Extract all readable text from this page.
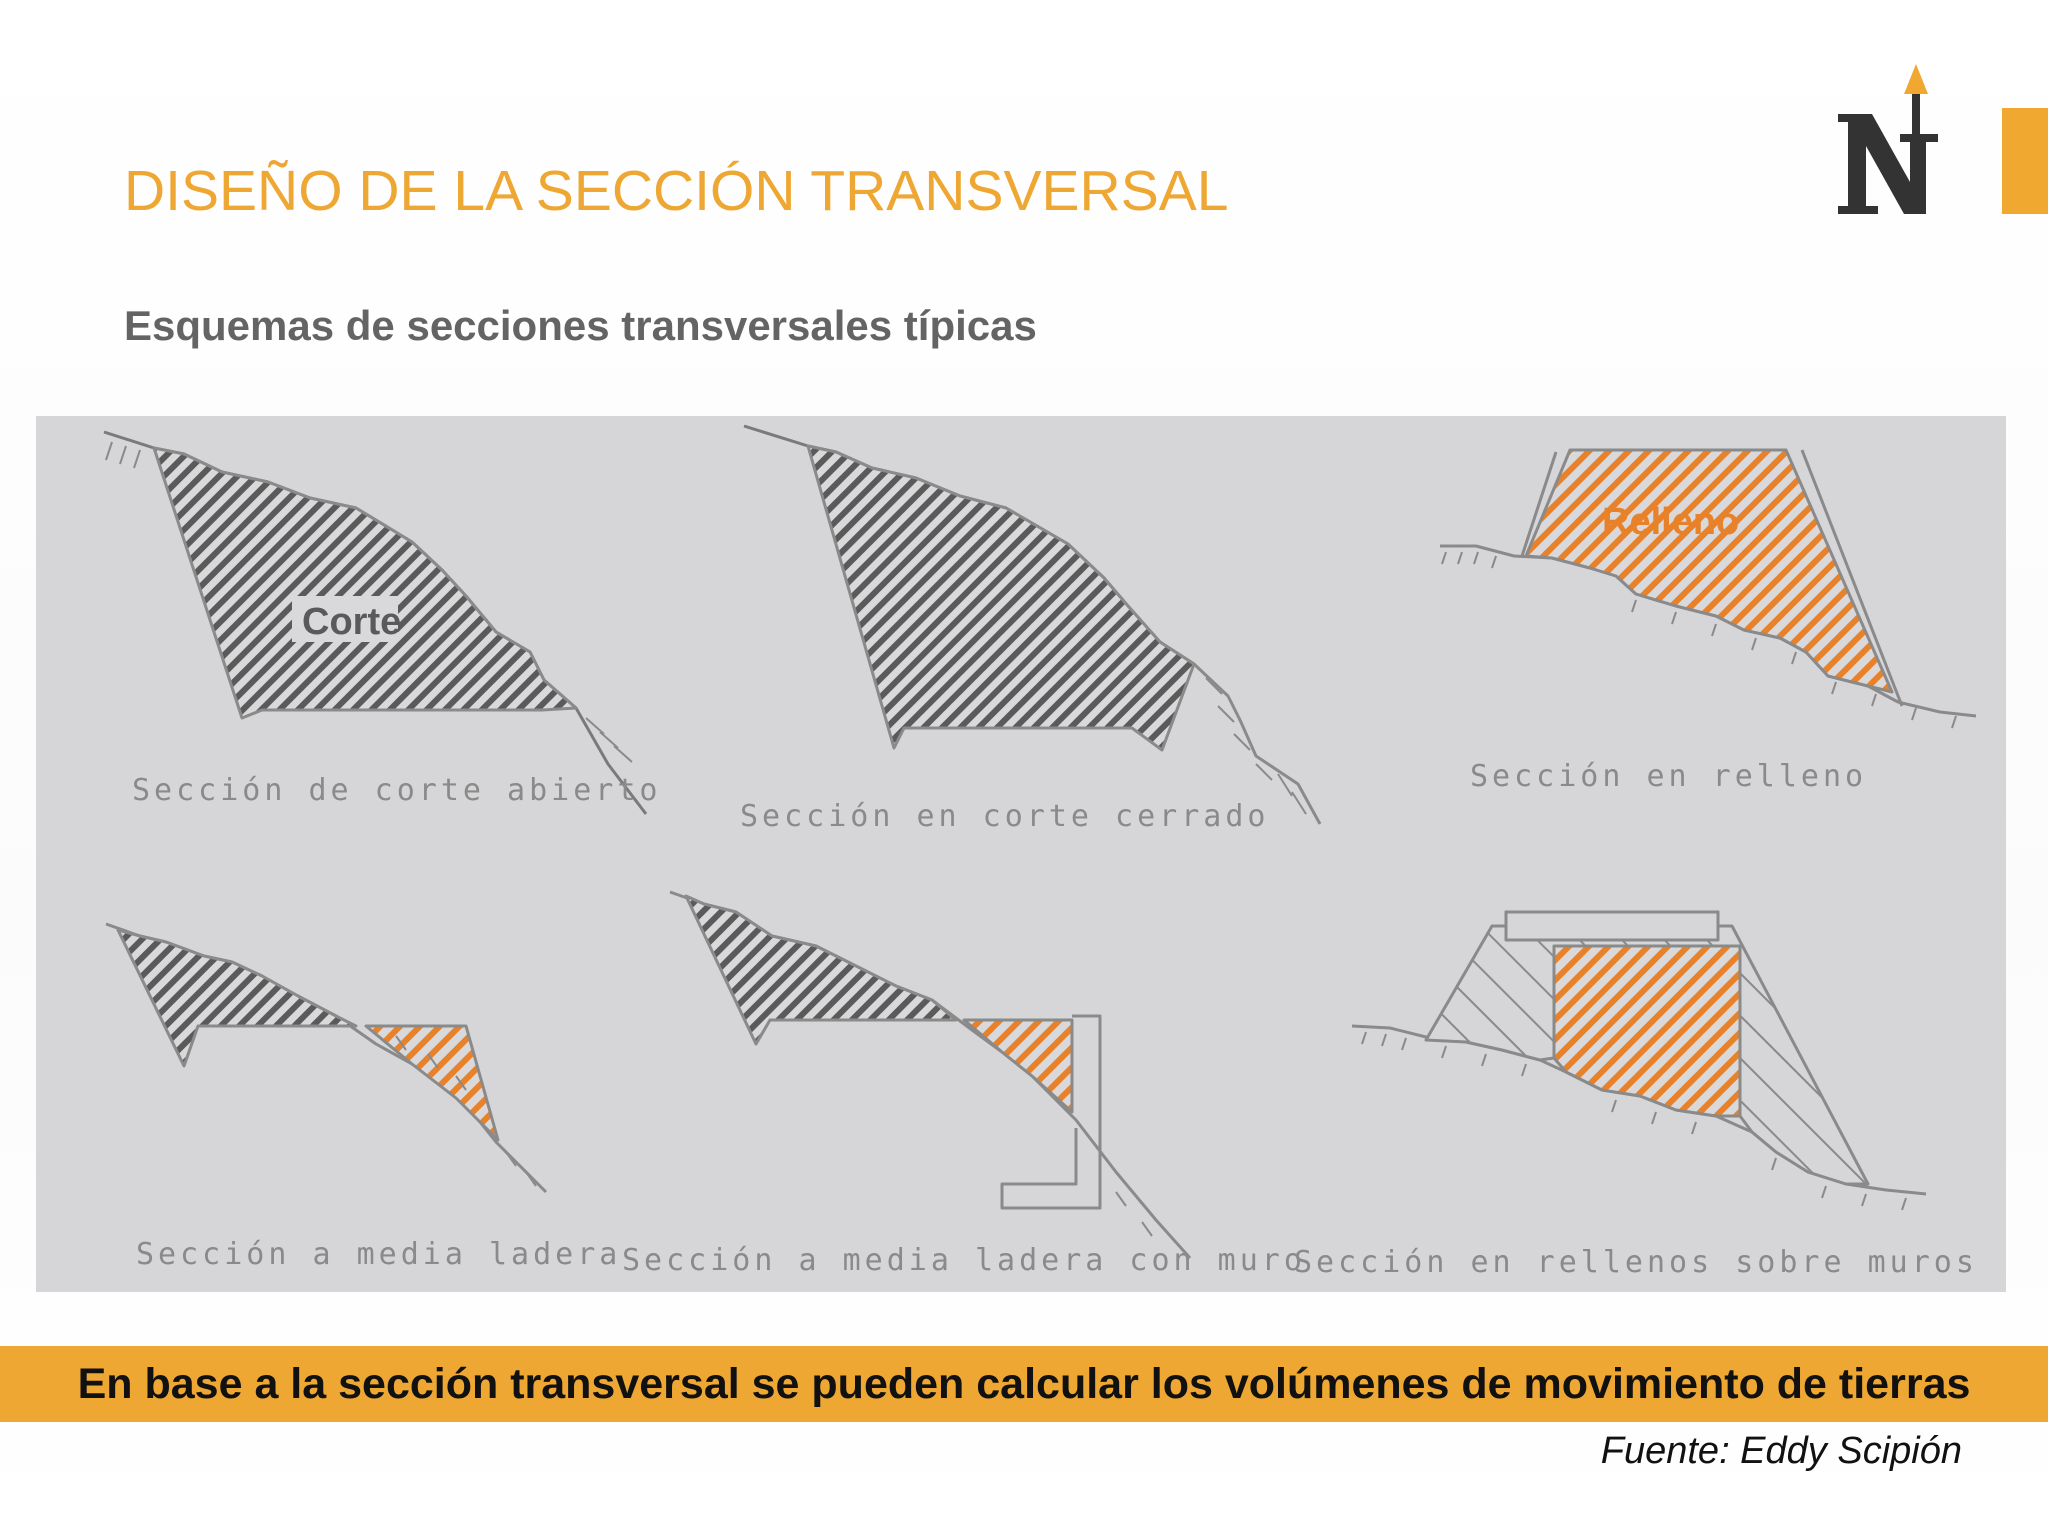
DISEÑO DE LA SECCIÓN TRANSVERSAL
Esquemas de secciones transversales típicas
Corte
Relleno
Sección de corte abierto
Sección en corte cerrado
Sección en relleno
Sección a media ladera Sección a media ladera con muro
Sección en rellenos sobre muros
En base a la sección transversal se pueden calcular los volúmenes de movimiento de tierras
Fuente: Eddy Scipión
